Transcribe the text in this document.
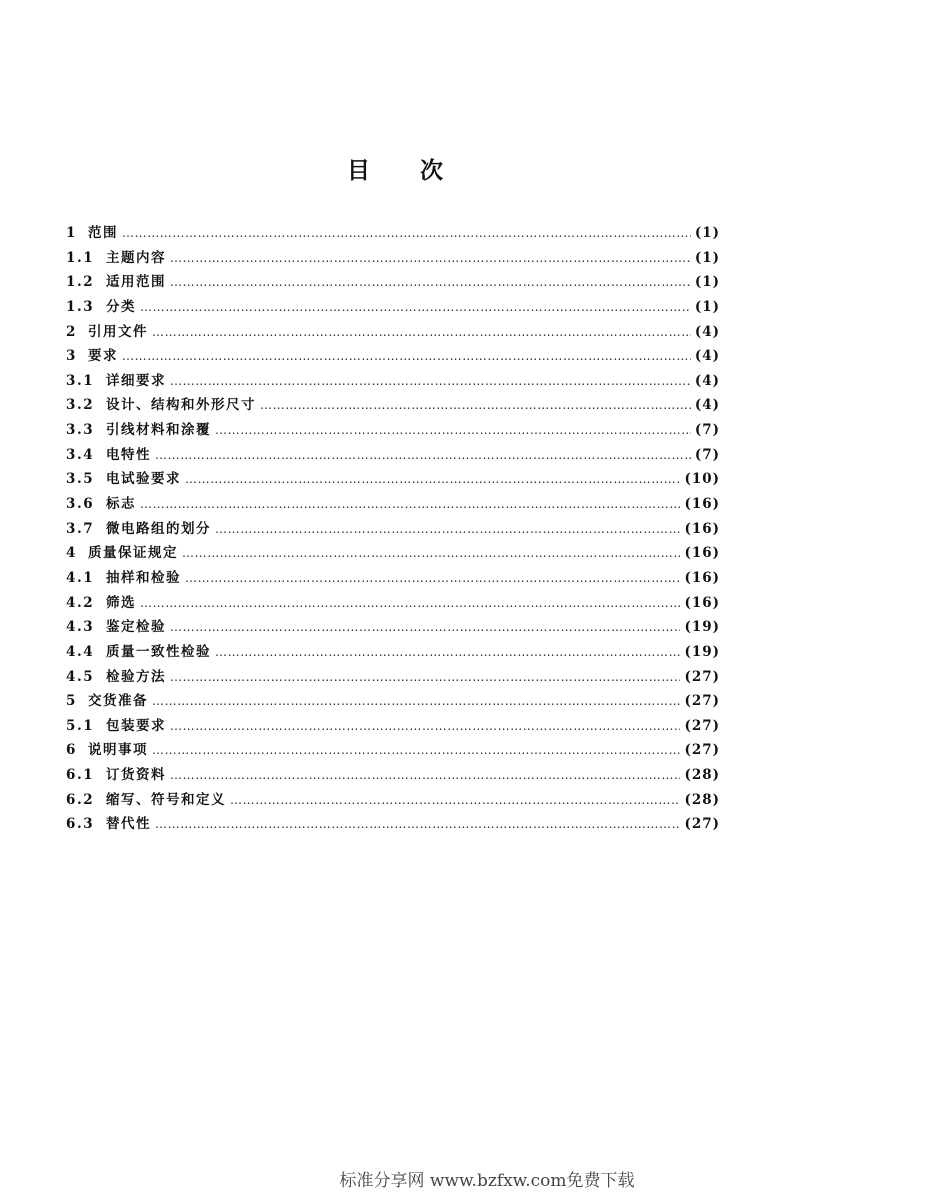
目 次
1 范围 …………………………………………………………………………………………………………………………………………………………………………………………………………	(1)
1.1 主题内容 …………………………………………………………………………………………………………………………………………………………………………………………………………	(1)
1.2 适用范围 …………………………………………………………………………………………………………………………………………………………………………………………………………	(1)
1.3 分类 …………………………………………………………………………………………………………………………………………………………………………………………………………	(1)
2 引用文件 …………………………………………………………………………………………………………………………………………………………………………………………………………	(4)
3 要求 …………………………………………………………………………………………………………………………………………………………………………………………………………	(4)
3.1 详细要求 …………………………………………………………………………………………………………………………………………………………………………………………………………	(4)
3.2 设计、结构和外形尺寸 …………………………………………………………………………………………………………………………………………………………………………………………………………	(4)
3.3 引线材料和涂覆 …………………………………………………………………………………………………………………………………………………………………………………………………………	(7)
3.4 电特性 …………………………………………………………………………………………………………………………………………………………………………………………………………	(7)
3.5 电试验要求 …………………………………………………………………………………………………………………………………………………………………………………………………………	(10)
3.6 标志 …………………………………………………………………………………………………………………………………………………………………………………………………………	(16)
3.7 微电路组的划分 …………………………………………………………………………………………………………………………………………………………………………………………………………	(16)
4 质量保证规定 …………………………………………………………………………………………………………………………………………………………………………………………………………	(16)
4.1 抽样和检验 …………………………………………………………………………………………………………………………………………………………………………………………………………	(16)
4.2 筛选 …………………………………………………………………………………………………………………………………………………………………………………………………………	(16)
4.3 鉴定检验 …………………………………………………………………………………………………………………………………………………………………………………………………………	(19)
4.4 质量一致性检验 …………………………………………………………………………………………………………………………………………………………………………………………………………	(19)
4.5 检验方法 …………………………………………………………………………………………………………………………………………………………………………………………………………	(27)
5 交货准备 …………………………………………………………………………………………………………………………………………………………………………………………………………	(27)
5.1 包装要求 …………………………………………………………………………………………………………………………………………………………………………………………………………	(27)
6 说明事项 …………………………………………………………………………………………………………………………………………………………………………………………………………	(27)
6.1 订货资料 …………………………………………………………………………………………………………………………………………………………………………………………………………	(28)
6.2 缩写、符号和定义 …………………………………………………………………………………………………………………………………………………………………………………………………………	(28)
6.3 替代性 …………………………………………………………………………………………………………………………………………………………………………………………………………	(27)
标准分享网 www.bzfxw.com免费下载
